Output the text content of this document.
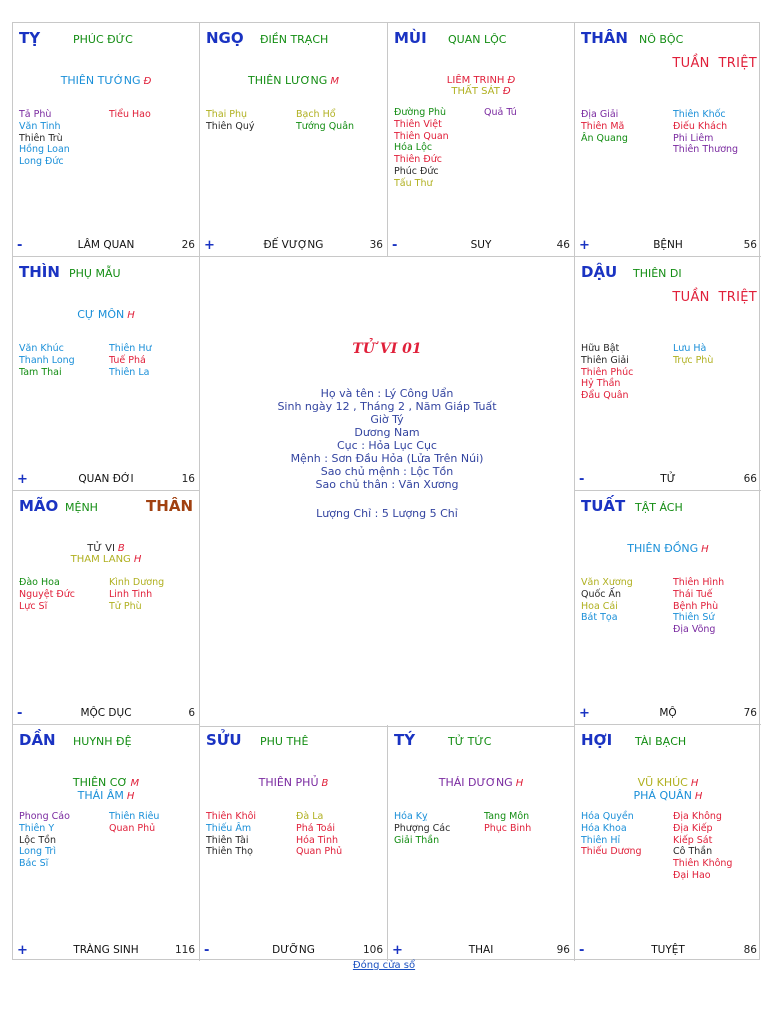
TỬ VI 01
Họ và tên : Lý Công Uẩn
Sinh ngày 12 , Tháng 2 , Năm Giáp Tuất
Giờ Tý
Dương Nam
Cục : Hỏa Lục Cục
Mệnh : Sơn Đầu Hỏa (Lửa Trên Núi)
Sao chủ mệnh : Lộc Tồn
Sao chủ thân : Văn Xương
Lượng Chỉ : 5 Lượng 5 Chỉ
TỴ	PHÚC ĐỨC
THIÊN TƯỚNG Đ
Tả Phù
Văn Tinh
Thiên Trù
Hồng Loan
Long Đức
Tiểu Hao
-	LÂM QUAN	26
NGỌ ĐIỀN TRẠCH
THIÊN LƯƠNG M
Thai Phụ
Thiên Quý
Bạch Hổ
Tướng Quân
+	ĐẾ VƯỢNG	36
MÙI QUAN LỘC
LIÊM TRINH Đ
THẤT SÁT Đ
Đường Phù
Thiên Việt
Thiên Quan
Hóa Lộc
Thiên Đức
Phúc Đức
Tấu Thư
Quả Tú
-	SUY	46
THÂN NÔ BỘC
TUẦN  TRIỆT
Địa Giải
Thiên Mã
Ân Quang
Thiên Khốc
Điếu Khách
Phi Liêm
Thiên Thương
+	BỆNH	56
THÌN PHỤ MẪU
CỰ MÔN H
Văn Khúc
Thanh Long
Tam Thai
Thiên Hư
Tuế Phá
Thiên La
+	QUAN ĐỚI	16
DẬU THIÊN DI
TUẦN  TRIỆT
Hữu Bật
Thiên Giải
Thiên Phúc
Hỷ Thần
Đẩu Quân
Lưu Hà
Trực Phù
-	TỬ	66
MÃO MỆNH	THÂN
TỬ VI B
THAM LANG H
Đào Hoa
Nguyệt Đức
Lực Sĩ
Kình Dương
Linh Tinh
Tử Phù
-	MỘC DỤC	6
TUẤT TẬT ÁCH
THIÊN ĐỒNG H
Văn Xương
Quốc Ấn
Hoa Cái
Bát Tọa
Thiên Hình
Thái Tuế
Bệnh Phù
Thiên Sứ
Địa Võng
+	MỘ	76
DẦN HUYNH ĐỆ
THIÊN CƠ M
THÁI ÂM H
Phong Cáo
Thiên Y
Lộc Tồn
Long Trì
Bác Sĩ
Thiên Riêu
Quan Phủ
+	TRÀNG SINH	116
SỬU PHU THÊ
THIÊN PHỦ B
Thiên Khôi
Thiếu Âm
Thiên Tài
Thiên Thọ
Đà La
Phá Toái
Hóa Tinh
Quan Phủ
-	DƯỠNG	106
TÝ	TỬ TỨC
THÁI DƯƠNG H
Hóa Kỵ
Phượng Các
Giải Thần
Tang Môn
Phục Binh
+	THAI	96
HỢI TÀI BẠCH
VŨ KHÚC H
PHÁ QUÂN H
Hóa Quyền
Hóa Khoa
Thiên Hỉ
Thiếu Dương
Địa Không
Địa Kiếp
Kiếp Sát
Cô Thần
Thiên Không
Đại Hao
-	TUYỆT	86
Đóng cửa sổ
